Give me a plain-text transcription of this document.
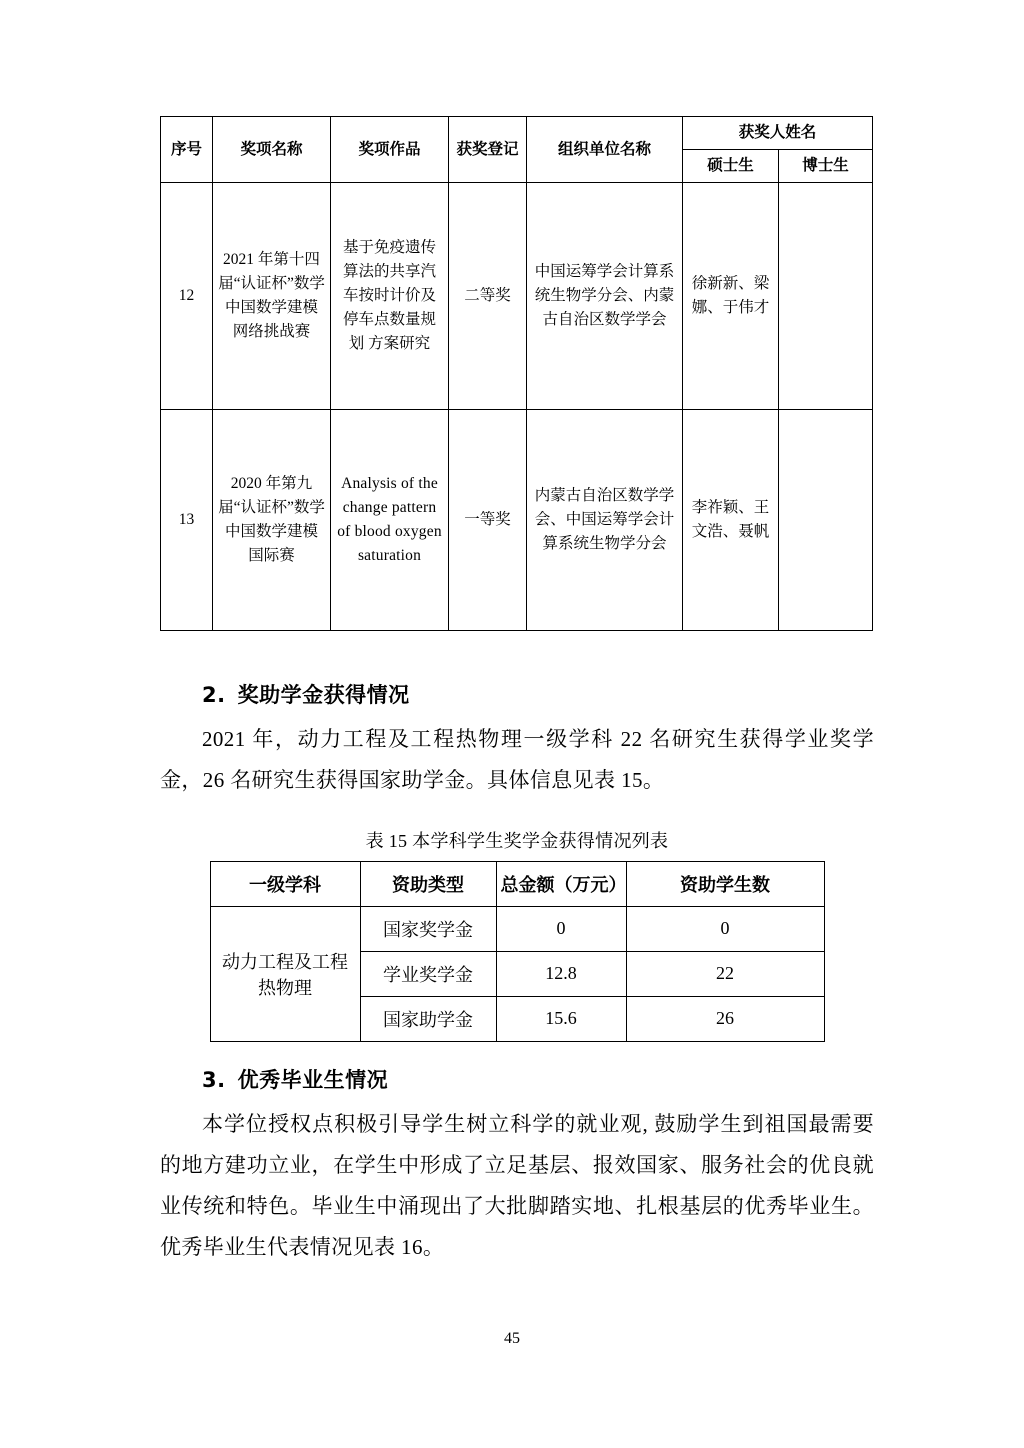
序号	奖项名称	奖项作品	获奖登记	组织单位名称	获奖人姓名	
					硕士生	博士生
12	2021 年第十四届“认证杯”数学中国数学建模网络挑战赛	基于免疫遗传算法的共享汽车按时计价及停车点数量规划 方案研究	二等奖	中国运筹学会计算系统生物学分会、内蒙古自治区数学学会	徐新新、梁娜、于伟才	
13	2020 年第九届“认证杯”数学中国数学建模国际赛	Analysis of the change pattern of blood oxygen saturation	一等奖	内蒙古自治区数学学会、中国运筹学会计算系统生物学分会	李祚颖、王文浩、聂帆	
2. 奖助学金获得情况

2021 年，动力工程及工程热物理一级学科 22 名研究生获得学业奖学金，26 名研究生获得国家助学金。具体信息见表 15。

表 15 本学科学生奖学金获得情况列表
一级学科	资助类型	总金额（万元）	资助学生数
动力工程及工程热物理	国家奖学金	0	0
	学业奖学金	12.8	22
	国家助学金	15.6	26
3. 优秀毕业生情况

本学位授权点积极引导学生树立科学的就业观, 鼓励学生到祖国最需要的地方建功立业，在学生中形成了立足基层、报效国家、服务社会的优良就业传统和特色。毕业生中涌现出了大批脚踏实地、扎根基层的优秀毕业生。优秀毕业生代表情况见表 16。

45
